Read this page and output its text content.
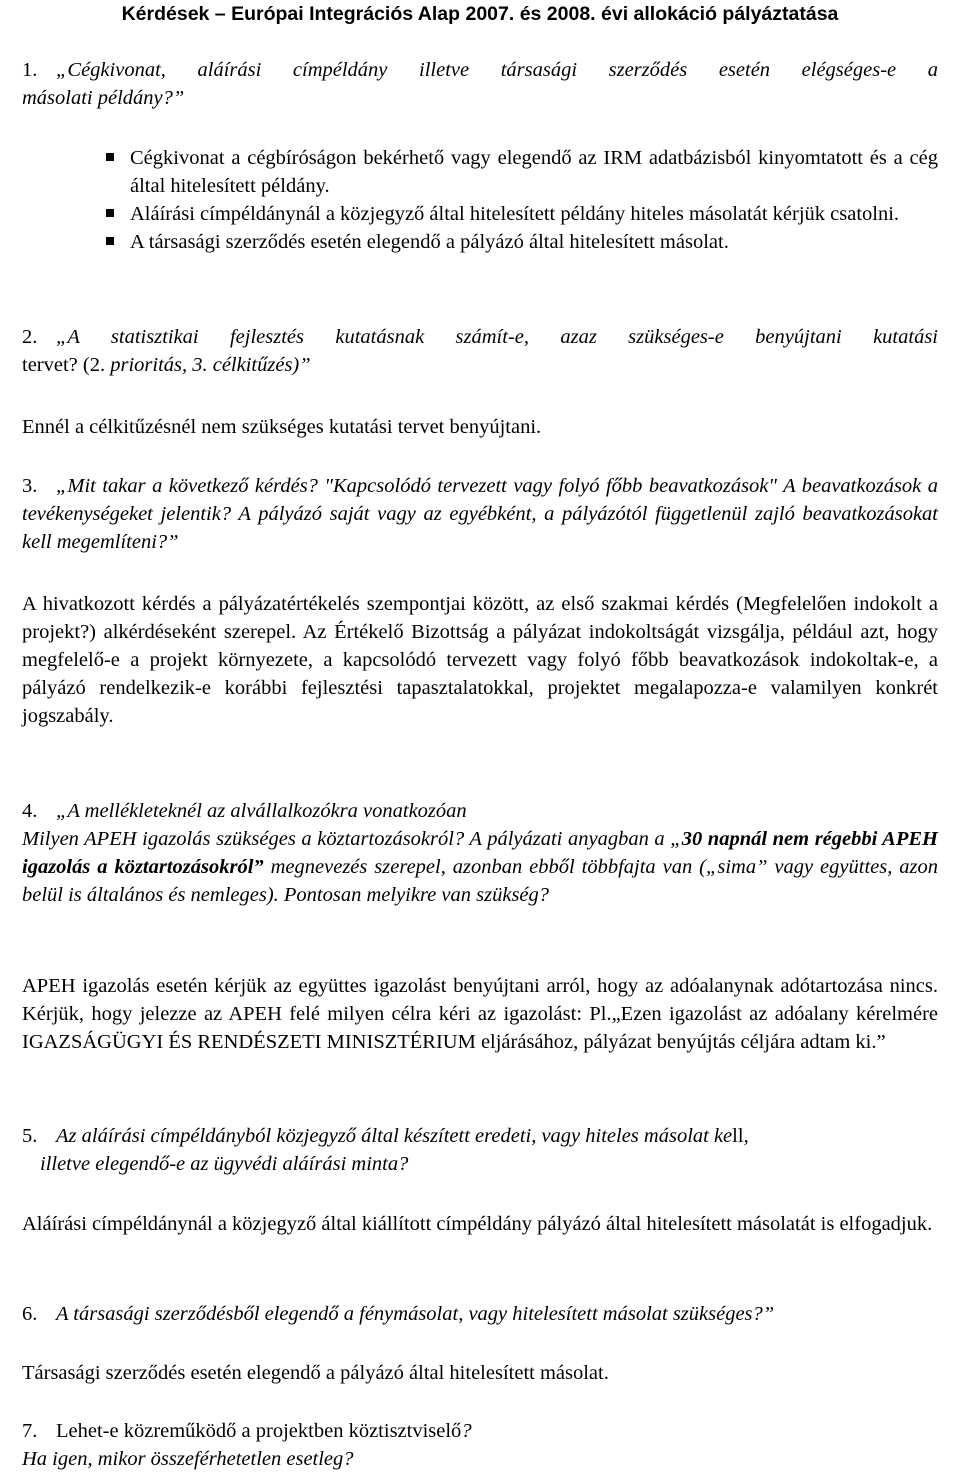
Kérdések – Európai Integrációs Alap 2007. és 2008. évi allokáció pályáztatása

1. „Cégkivonat, aláírási címpéldány illetve társasági szerződés esetén elégséges-e a

másolati példány?”

Cégkivonat a cégbíróságon bekérhető vagy elegendő az IRM adatbázisból kinyomtatott és a cég által hitelesített példány.
Aláírási címpéldánynál a közjegyző által hitelesített példány hiteles másolatát kérjük csatolni.
A társasági szerződés esetén elegendő a pályázó által hitelesített másolat.

2. „A statisztikai fejlesztés kutatásnak számít-e, azaz szükséges-e benyújtani kutatási

tervet? (2. prioritás, 3. célkitűzés)”

Ennél a célkitűzésnél nem szükséges kutatási tervet benyújtani.

3. „Mit takar a következő kérdés? "Kapcsolódó tervezett vagy folyó főbb beavatkozások" A beavatkozások a tevékenységeket jelentik? A pályázó saját vagy az egyébként, a pályázótól függetlenül zajló beavatkozásokat kell megemlíteni?”

A hivatkozott kérdés a pályázatértékelés szempontjai között, az első szakmai kérdés (Megfelelően indokolt a projekt?) alkérdéseként szerepel. Az Értékelő Bizottság a pályázat indokoltságát vizsgálja, például azt, hogy megfelelő-e a projekt környezete, a kapcsolódó tervezett vagy folyó főbb beavatkozások indokoltak-e, a pályázó rendelkezik-e korábbi fejlesztési tapasztalatokkal, projektet megalapozza-e valamilyen konkrét jogszabály.

4. „A mellékleteknél az alvállalkozókra vonatkozóan

Milyen APEH igazolás szükséges a köztartozásokról? A pályázati anyagban a „30 napnál nem régebbi APEH igazolás a köztartozásokról” megnevezés szerepel, azonban ebből többfajta van („sima” vagy együttes, azon belül is általános és nemleges). Pontosan melyikre van szükség?

APEH igazolás esetén kérjük az együttes igazolást benyújtani arról, hogy az adóalanynak adótartozása nincs. Kérjük, hogy jelezze az APEH felé milyen célra kéri az igazolást: Pl.„Ezen igazolást az adóalany kérelmére IGAZSÁGÜGYI ÉS RENDÉSZETI MINISZTÉRIUM eljárásához, pályázat benyújtás céljára adtam ki.”

5. Az aláírási címpéldányból közjegyző által készített eredeti, vagy hiteles másolat kell,

illetve elegendő-e az ügyvédi aláírási minta?

Aláírási címpéldánynál a közjegyző által kiállított címpéldány pályázó által hitelesített másolatát is elfogadjuk.

6. A társasági szerződésből elegendő a fénymásolat, vagy hitelesített másolat szükséges?”

Társasági szerződés esetén elegendő a pályázó által hitelesített másolat.

7. Lehet-e közreműködő a projektben köztisztviselő?

Ha igen, mikor összeférhetetlen esetleg?
